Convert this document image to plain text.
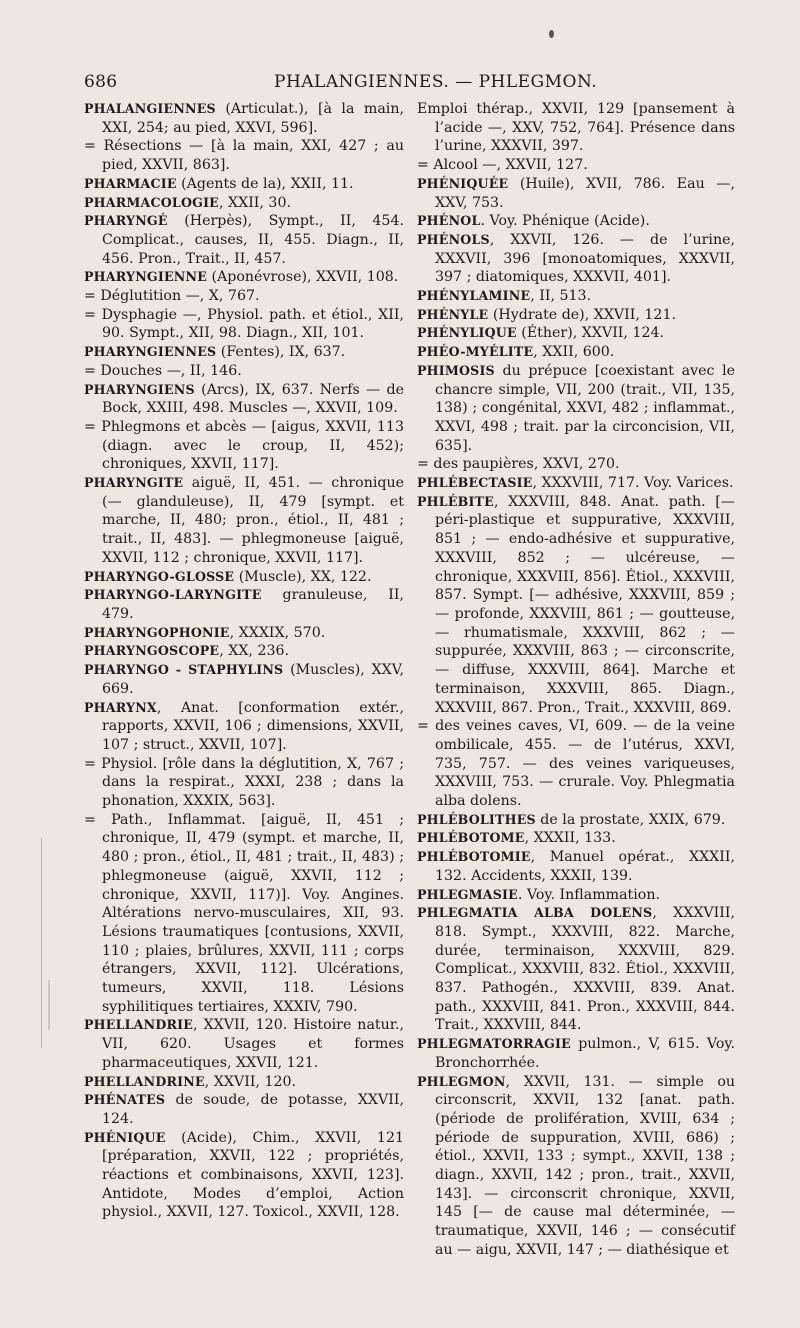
686	PHALANGIENNES. — PHLEGMON.

PHALANGIENNES (Articulat.), [à la main, XXI, 254; au pied, XXVI, 596].

= Résections — [à la main, XXI, 427 ; au pied, XXVII, 863].

PHARMACIE (Agents de la), XXII, 11.

PHARMACOLOGIE, XXII, 30.

PHARYNGÉ (Herpès), Sympt., II, 454. Complicat., causes, II, 455. Diagn., II, 456. Pron., Trait., II, 457.

PHARYNGIENNE (Aponévrose), XXVII, 108.

= Déglutition —, X, 767.

= Dysphagie —, Physiol. path. et étiol., XII, 90. Sympt., XII, 98. Diagn., XII, 101.

PHARYNGIENNES (Fentes), IX, 637.

= Douches —, II, 146.

PHARYNGIENS (Arcs), IX, 637. Nerfs — de Bock, XXIII, 498. Muscles —, XXVII, 109.

= Phlegmons et abcès — [aigus, XXVII, 113 (diagn. avec le croup, II, 452); chroniques, XXVII, 117].

PHARYNGITE aiguë, II, 451. — chronique (— glanduleuse), II, 479 [sympt. et marche, II, 480; pron., étiol., II, 481 ; trait., II, 483]. — phlegmoneuse [aiguë, XXVII, 112 ; chronique, XXVII, 117].

PHARYNGO-GLOSSE (Muscle), XX, 122.

PHARYNGO-LARYNGITE granuleuse, II, 479.

PHARYNGOPHONIE, XXXIX, 570.

PHARYNGOSCOPE, XX, 236.

PHARYNGO - STAPHYLINS (Muscles), XXV, 669.

PHARYNX, Anat. [conformation extér., rapports, XXVII, 106 ; dimensions, XXVII, 107 ; struct., XXVII, 107].

= Physiol. [rôle dans la déglutition, X, 767 ; dans la respirat., XXXI, 238 ; dans la phonation, XXXIX, 563].

= Path., Inflammat. [aiguë, II, 451 ; chronique, II, 479 (sympt. et marche, II, 480 ; pron., étiol., II, 481 ; trait., II, 483) ; phlegmoneuse (aiguë, XXVII, 112 ; chronique, XXVII, 117)]. Voy. Angines. Altérations nervo-musculaires, XII, 93. Lésions traumatiques [contusions, XXVII, 110 ; plaies, brûlures, XXVII, 111 ; corps étrangers, XXVII, 112]. Ulcérations, tumeurs, XXVII, 118. Lésions syphilitiques tertiaires, XXXIV, 790.

PHELLANDRIE, XXVII, 120. Histoire natur., VII, 620. Usages et formes pharmaceutiques, XXVII, 121.

PHELLANDRINE, XXVII, 120.

PHÉNATES de soude, de potasse, XXVII, 124.

PHÉNIQUE (Acide), Chim., XXVII, 121 [préparation, XXVII, 122 ; propriétés, réactions et combinaisons, XXVII, 123]. Antidote, Modes d’emploi, Action physiol., XXVII, 127. Toxicol., XXVII, 128.

Emploi thérap., XXVII, 129 [pansement à l’acide —, XXV, 752, 764]. Présence dans l’urine, XXXVII, 397.

= Alcool —, XXVII, 127.

PHÉNIQUÉE (Huile), XVII, 786. Eau —, XXV, 753.

PHÉNOL. Voy. Phénique (Acide).

PHÉNOLS, XXVII, 126. — de l’urine, XXXVII, 396 [monoatomiques, XXXVII, 397 ; diatomiques, XXXVII, 401].

PHÉNYLAMINE, II, 513.

PHÉNYLE (Hydrate de), XXVII, 121.

PHÉNYLIQUE (Éther), XXVII, 124.

PHÉO-MYÉLITE, XXII, 600.

PHIMOSIS du prépuce [coexistant avec le chancre simple, VII, 200 (trait., VII, 135, 138) ; congénital, XXVI, 482 ; inflammat., XXVI, 498 ; trait. par la circoncision, VII, 635].

= des paupières, XXVI, 270.

PHLÉBECTASIE, XXXVIII, 717. Voy. Varices.

PHLÉBITE, XXXVIII, 848. Anat. path. [— péri-plastique et suppurative, XXXVIII, 851 ; — endo-adhésive et suppurative, XXXVIII, 852 ; — ulcéreuse, — chronique, XXXVIII, 856]. Étiol., XXXVIII, 857. Sympt. [— adhésive, XXXVIII, 859 ; — profonde, XXXVIII, 861 ; — goutteuse, — rhumatismale, XXXVIII, 862 ; — suppurée, XXXVIII, 863 ; — circonscrite, — diffuse, XXXVIII, 864]. Marche et terminaison, XXXVIII, 865. Diagn., XXXVIII, 867. Pron., Trait., XXXVIII, 869.

= des veines caves, VI, 609. — de la veine ombilicale, 455. — de l’utérus, XXVI, 735, 757. — des veines variqueuses, XXXVIII, 753. — crurale. Voy. Phlegmatia alba dolens.

PHLÉBOLITHES de la prostate, XXIX, 679.

PHLÉBOTOME, XXXII, 133.

PHLÉBOTOMIE, Manuel opérat., XXXII, 132. Accidents, XXXII, 139.

PHLEGMASIE. Voy. Inflammation.

PHLEGMATIA ALBA DOLENS, XXXVIII, 818. Sympt., XXXVIII, 822. Marche, durée, terminaison, XXXVIII, 829. Complicat., XXXVIII, 832. Étiol., XXXVIII, 837. Pathogén., XXXVIII, 839. Anat. path., XXXVIII, 841. Pron., XXXVIII, 844. Trait., XXXVIII, 844.

PHLEGMATORRAGIE pulmon., V, 615. Voy. Bronchorrhée.

PHLEGMON, XXVII, 131. — simple ou circonscrit, XXVII, 132 [anat. path. (période de prolifération, XVIII, 634 ; période de suppuration, XVIII, 686) ; étiol., XXVII, 133 ; sympt., XXVII, 138 ; diagn., XXVII, 142 ; pron., trait., XXVII, 143]. — circonscrit chronique, XXVII, 145 [— de cause mal déterminée, — traumatique, XXVII, 146 ; — consécutif au — aigu, XXVII, 147 ; — diathésique et
